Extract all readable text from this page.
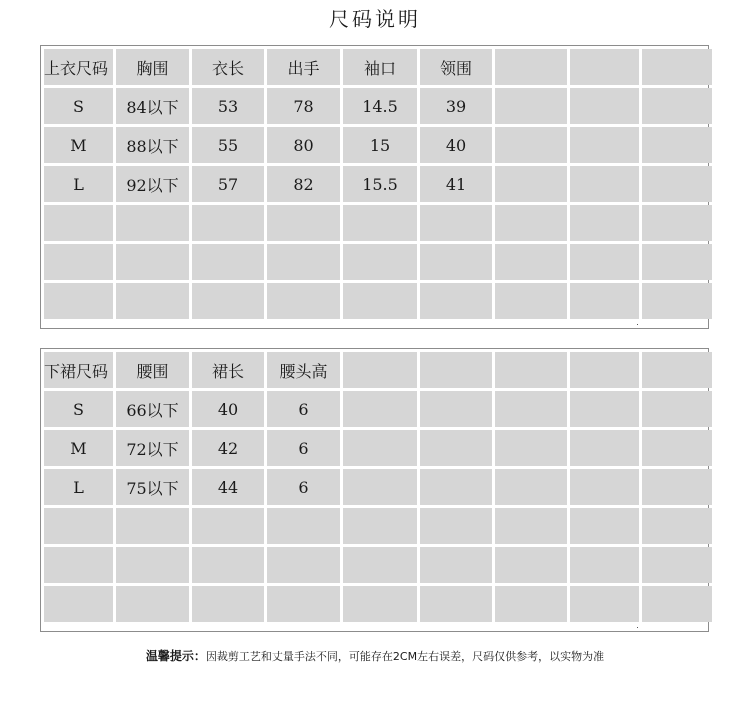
尺码说明
上衣尺码	胸围	衣长	出手	袖口	领围
S	84以下	53	78	14.5	39
M	88以下	55	80	15	40
L	92以下	57	82	15.5	41
下裙尺码	腰围	裙长	腰头高
S	66以下	40	6
M	72以下	42	6
L	75以下	44	6
温馨提示：因裁剪工艺和丈量手法不同，可能存在2CM左右误差，尺码仅供参考，以实物为准
